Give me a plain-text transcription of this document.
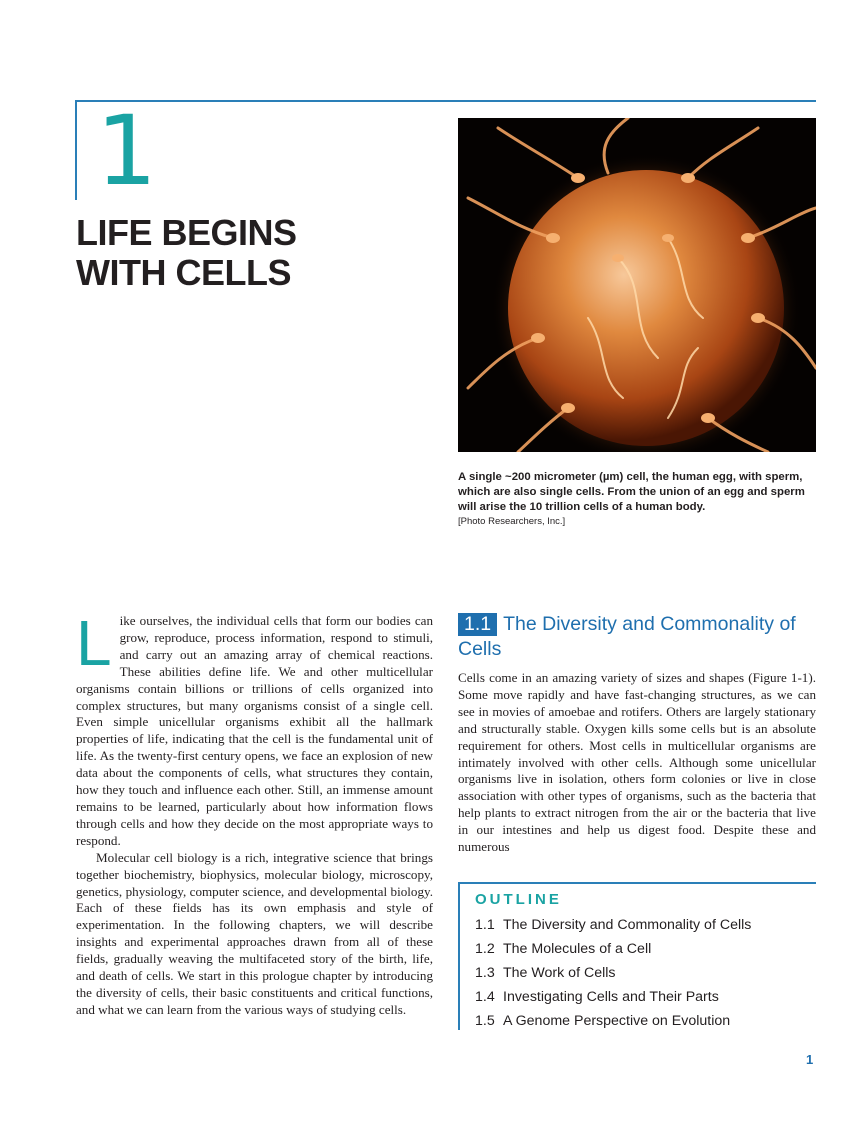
1
LIFE BEGINS
WITH CELLS
A single ~200 micrometer (µm) cell, the human egg, with sperm, which are also single cells. From the union of an egg and sperm will arise the 10 trillion cells of a human body.
[Photo Researchers, Inc.]

Like ourselves, the individual cells that form our bodies can grow, reproduce, process information, respond to stimuli, and carry out an amazing array of chemical reactions. These abilities define life. We and other multicellular organisms contain billions or trillions of cells organized into complex structures, but many organisms consist of a single cell. Even simple unicellular organisms exhibit all the hallmark properties of life, indicating that the cell is the fundamental unit of life. As the twenty-first century opens, we face an explosion of new data about the components of cells, what structures they contain, how they touch and influence each other. Still, an immense amount remains to be learned, particularly about how information flows through cells and how they decide on the most appropriate ways to respond.

Molecular cell biology is a rich, integrative science that brings together biochemistry, biophysics, molecular biology, microscopy, genetics, physiology, computer science, and developmental biology. Each of these fields has its own emphasis and style of experimentation. In the following chapters, we will describe insights and experimental approaches drawn from all of these fields, gradually weaving the multifaceted story of the birth, life, and death of cells. We start in this prologue chapter by introducing the diversity of cells, their basic constituents and critical functions, and what we can learn from the various ways of studying cells.

1.1 The Diversity and Commonality of Cells

Cells come in an amazing variety of sizes and shapes (Figure 1-1). Some move rapidly and have fast-changing structures, as we can see in movies of amoebae and rotifers. Others are largely stationary and structurally stable. Oxygen kills some cells but is an absolute requirement for others. Most cells in multicellular organisms are intimately involved with other cells. Although some unicellular organisms live in isolation, others form colonies or live in close association with other types of organisms, such as the bacteria that help plants to extract nitrogen from the air or the bacteria that live in our intestines and help us digest food. Despite these and numerous

OUTLINE
1.1 The Diversity and Commonality of Cells
1.2 The Molecules of a Cell
1.3 The Work of Cells
1.4 Investigating Cells and Their Parts
1.5 A Genome Perspective on Evolution
1
